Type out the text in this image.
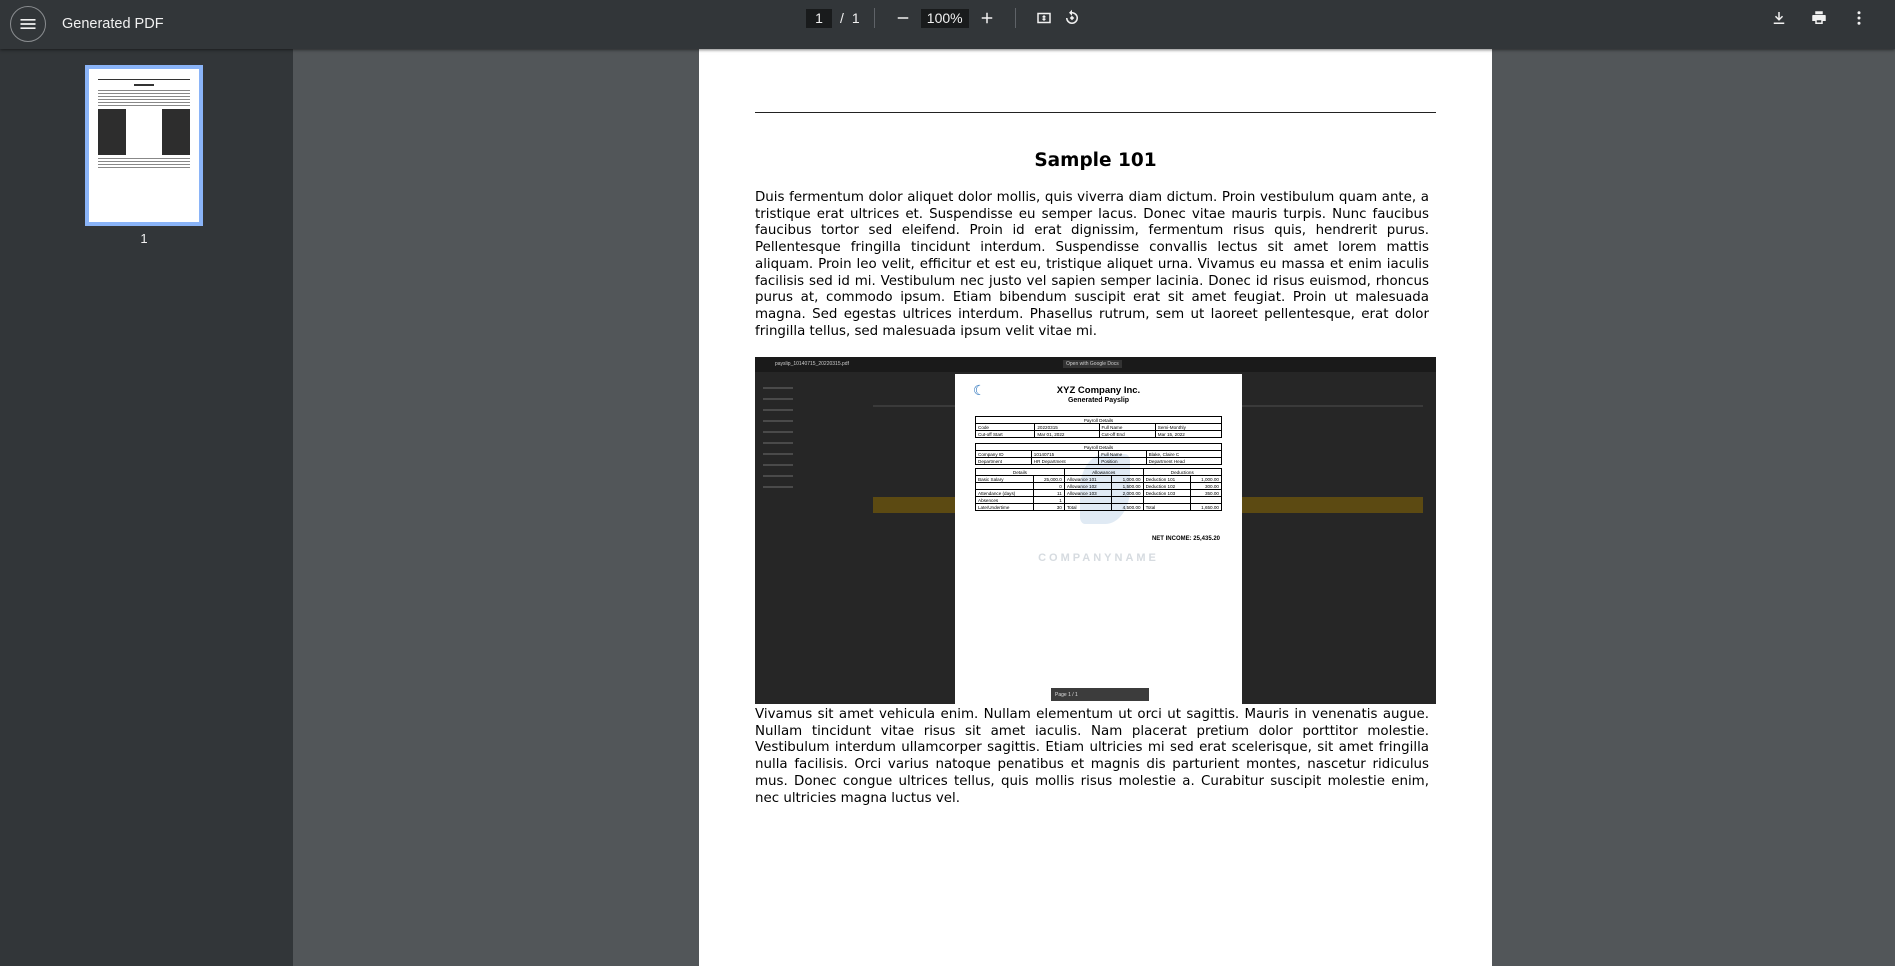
Generated PDF	1	/ 1	100%
1
Sample 101

Duis fermentum dolor aliquet dolor mollis, quis viverra diam dictum. Proin vestibulum quam ante, a tristique erat ultrices et. Suspendisse eu semper lacus. Donec vitae mauris turpis. Nunc faucibus faucibus tortor sed eleifend. Proin id erat dignissim, fermentum risus quis, hendrerit purus. Pellentesque fringilla tincidunt interdum. Suspendisse convallis lectus sit amet lorem mattis aliquam. Proin leo velit, efficitur et est eu, tristique aliquet urna. Vivamus eu massa et enim iaculis facilisis sed id mi. Vestibulum nec justo vel sapien semper lacinia. Donec id risus euismod, rhoncus purus at, commodo ipsum. Etiam bibendum suscipit erat sit amet feugiat. Proin ut malesuada magna. Sed egestas ultrices interdum. Phasellus rutrum, sem ut laoreet pellentesque, erat dolor fringilla tellus, sed malesuada ipsum velit vitae mi.

payslip_10140715_20220315.pdf	Open with Google Docs
☾	XYZ Company Inc.
Generated Payslip
Payroll Details			
Code	20220315	Full Name	Semi-Monthly
Cut-off Start	Mar 01, 2022	Cut-off End	Mar 15, 2022
Payroll Details			
Company ID	10140715	Full Name	Blake, Claire C
Department	HR Department	Position	Department Head
Details		Allowances		Deductions	
Basic Salary	25,000.0	Allowance 101	1,000.00	Deduction 101	1,000.00
	0	Allowance 102	1,500.00	Deduction 102	300.00
Attendance (days)	11	Allowance 103	2,000.00	Deduction 103	350.00
Absences	1				
Late/Undertime	30	Total	4,500.00	Total	1,650.00
NET INCOME: 25,435.20
COMPANYNAME
Page 1 / 1

Vivamus sit amet vehicula enim. Nullam elementum ut orci ut sagittis. Mauris in venenatis augue. Nullam tincidunt vitae risus sit amet iaculis. Nam placerat pretium dolor porttitor molestie. Vestibulum interdum ullamcorper sagittis. Etiam ultricies mi sed erat scelerisque, sit amet fringilla nulla facilisis. Orci varius natoque penatibus et magnis dis parturient montes, nascetur ridiculus mus. Donec congue ultrices tellus, quis mollis risus molestie a. Curabitur suscipit molestie enim, nec ultricies magna luctus vel.
